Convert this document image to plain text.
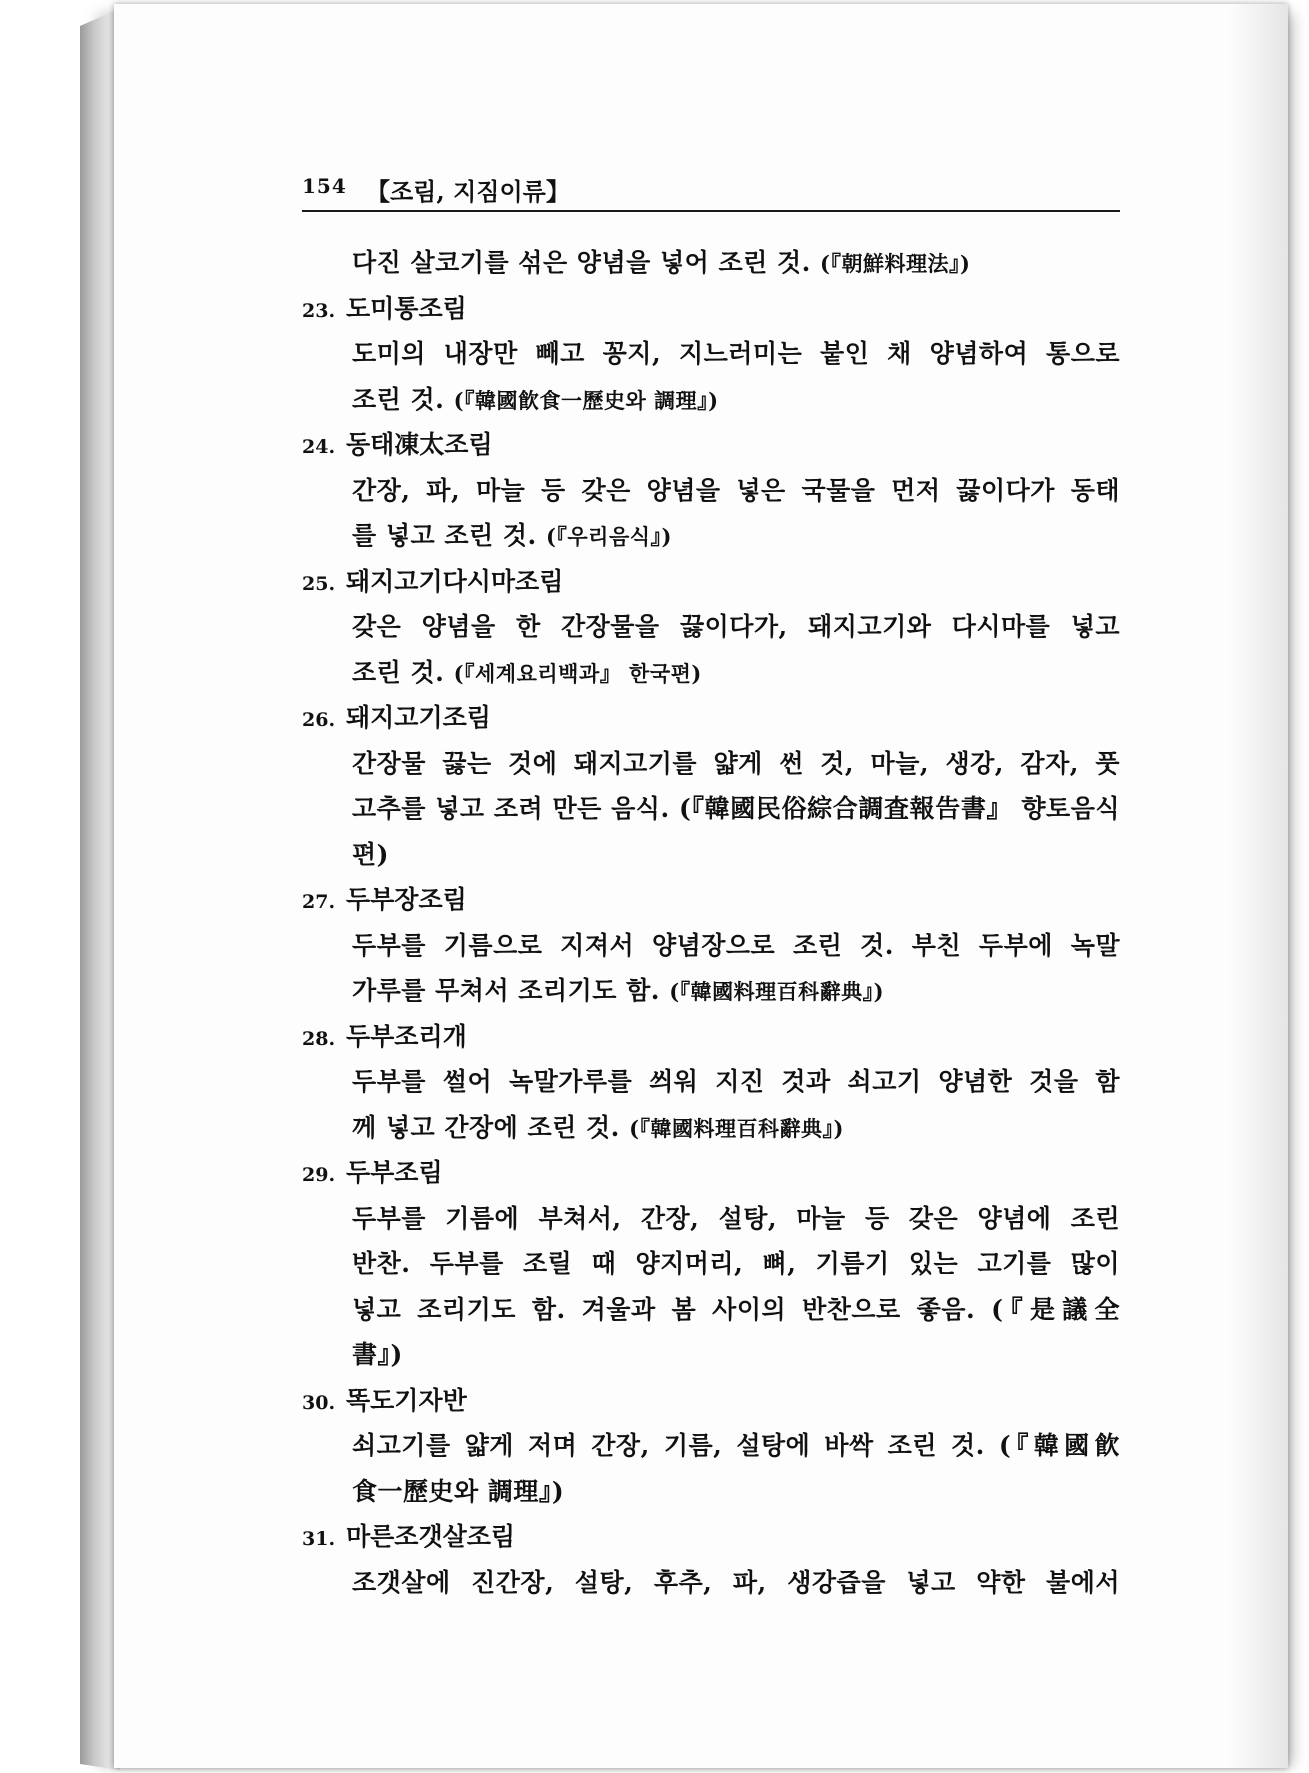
154 【조림, 지짐이류】
다진 살코기를 섞은 양념을 넣어 조린 것. (『朝鮮料理法』)
23. 도미통조림
도미의 내장만 빼고 꽁지, 지느러미는 붙인 채 양념하여 통으로
조린 것. (『韓國飮食一歷史와 調理』)
24. 동태凍太조림
간장, 파, 마늘 등 갖은 양념을 넣은 국물을 먼저 끓이다가 동태
를 넣고 조린 것. (『우리음식』)
25. 돼지고기다시마조림
갖은 양념을 한 간장물을 끓이다가, 돼지고기와 다시마를 넣고
조린 것. (『세계요리백과』 한국편)
26. 돼지고기조림
간장물 끓는 것에 돼지고기를 얇게 썬 것, 마늘, 생강, 감자, 풋
고추를 넣고 조려 만든 음식. (『韓國民俗綜合調査報告書』 향토음식
편)
27. 두부장조림
두부를 기름으로 지져서 양념장으로 조린 것. 부친 두부에 녹말
가루를 무쳐서 조리기도 함. (『韓國料理百科辭典』)
28. 두부조리개
두부를 썰어 녹말가루를 씌워 지진 것과 쇠고기 양념한 것을 함
께 넣고 간장에 조린 것. (『韓國料理百科辭典』)
29. 두부조림
두부를 기름에 부쳐서, 간장, 설탕, 마늘 등 갖은 양념에 조린
반찬. 두부를 조릴 때 양지머리, 뼈, 기름기 있는 고기를 많이
넣고 조리기도 함. 겨울과 봄 사이의 반찬으로 좋음. (『是議全
書』)
30. 똑도기자반
쇠고기를 얇게 저며 간장, 기름, 설탕에 바싹 조린 것. (『韓國飮
食一歷史와 調理』)
31. 마른조갯살조림
조갯살에 진간장, 설탕, 후추, 파, 생강즙을 넣고 약한 불에서
